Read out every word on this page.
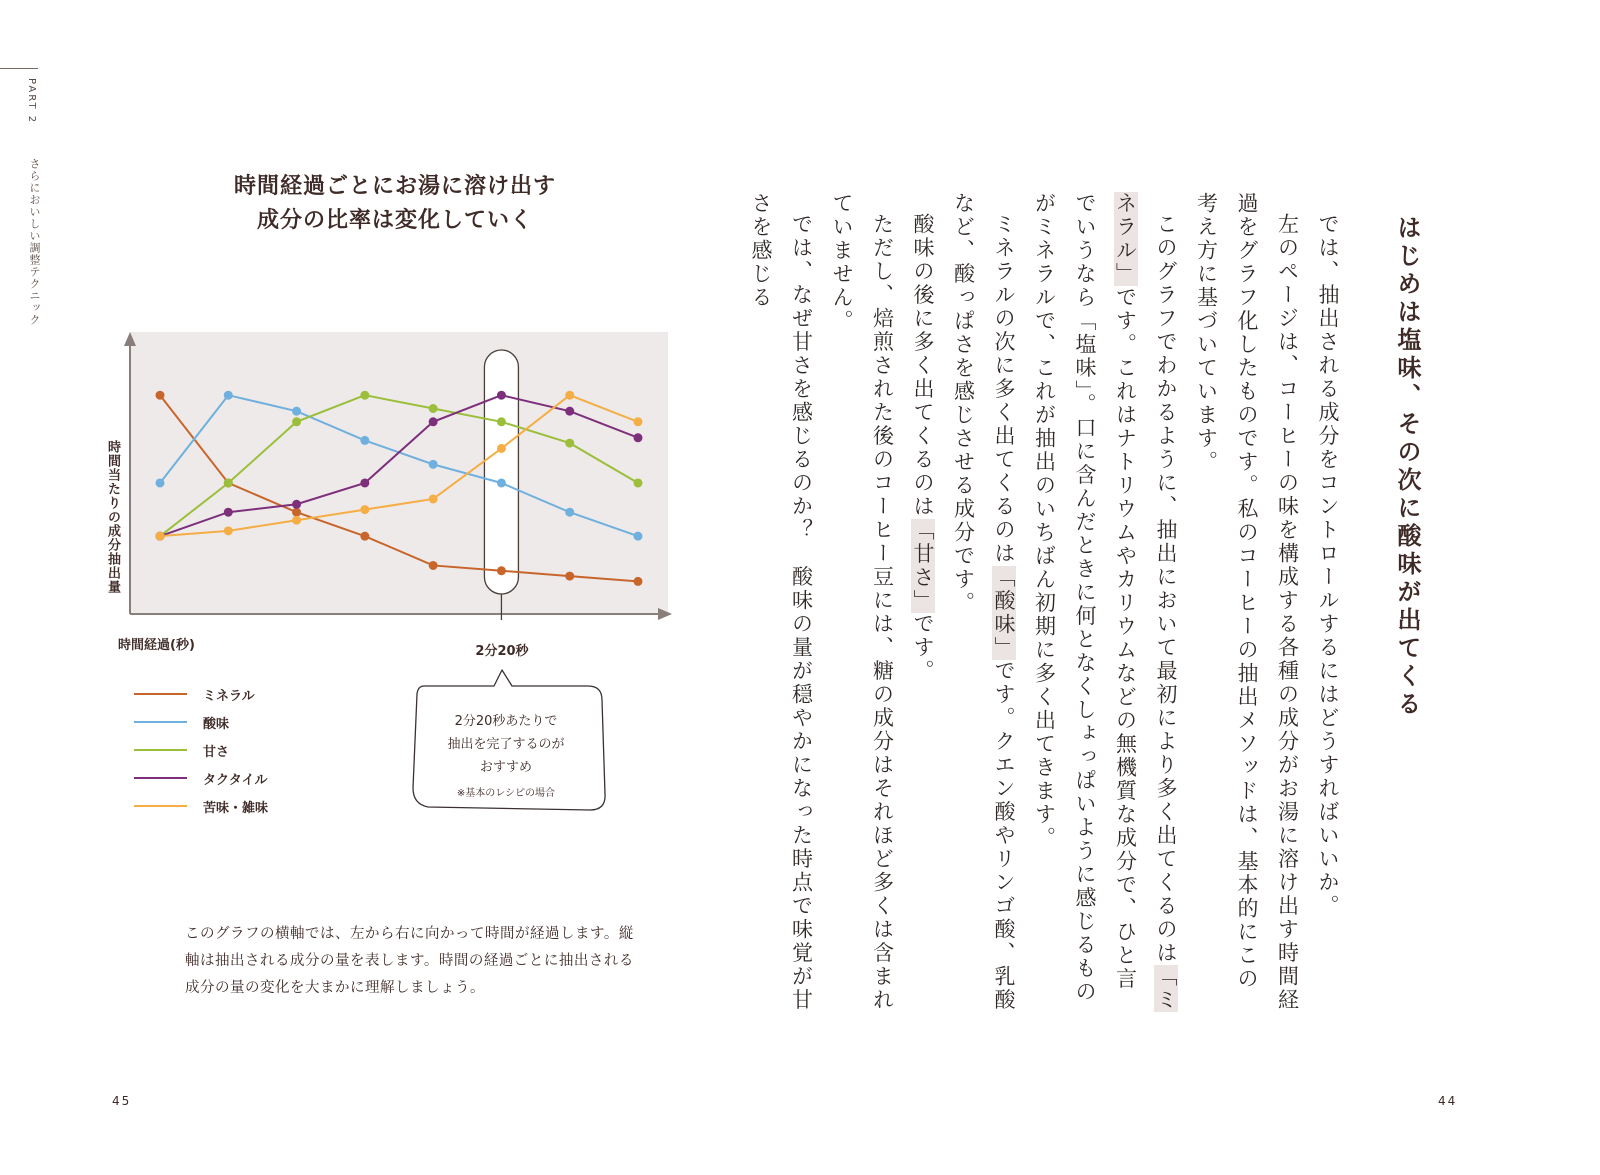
PART 2
さらにおいしい調整テクニック	時間経過ごとにお湯に溶け出す
成分の比率は変化していく
時間当たりの成分抽出量
時間経過(秒)	2分20秒
ミネラル
酸味
甘さ
タクタイル
苦味・雑味
2分20秒あたりで
抽出を完了するのが
おすすめ
※基本のレシピの場合
このグラフの横軸では、左から右に向かって時間が経過します。縦軸は抽出される成分の量を表します。時間の経過ごとに抽出される成分の量の変化を大まかに理解しましょう。
はじめは塩味、その次に酸味が出てくる

では、抽出される成分をコントロールするにはどうすればいいか。

左のページは、コーヒーの味を構成する各種の成分がお湯に溶け出す時間経過をグラフ化したものです。私のコーヒーの抽出メソッドは、基本的にこの考え方に基づいています。

このグラフでわかるように、抽出において最初により多く出てくるのは「ミネラル」です。これはナトリウムやカリウムなどの無機質な成分で、ひと言でいうなら「塩味」。口に含んだときに何となくしょっぱいように感じるものがミネラルで、これが抽出のいちばん初期に多く出てきます。

ミネラルの次に多く出てくるのは「酸味」です。クエン酸やリンゴ酸、乳酸など、酸っぱさを感じさせる成分です。

酸味の後に多く出てくるのは「甘さ」です。

ただし、焙煎された後のコーヒー豆には、糖の成分はそれほど多くは含まれていません。

では、なぜ甘さを感じるのか？　酸味の量が穏やかになった時点で味覚が甘さを感じる

45	44
